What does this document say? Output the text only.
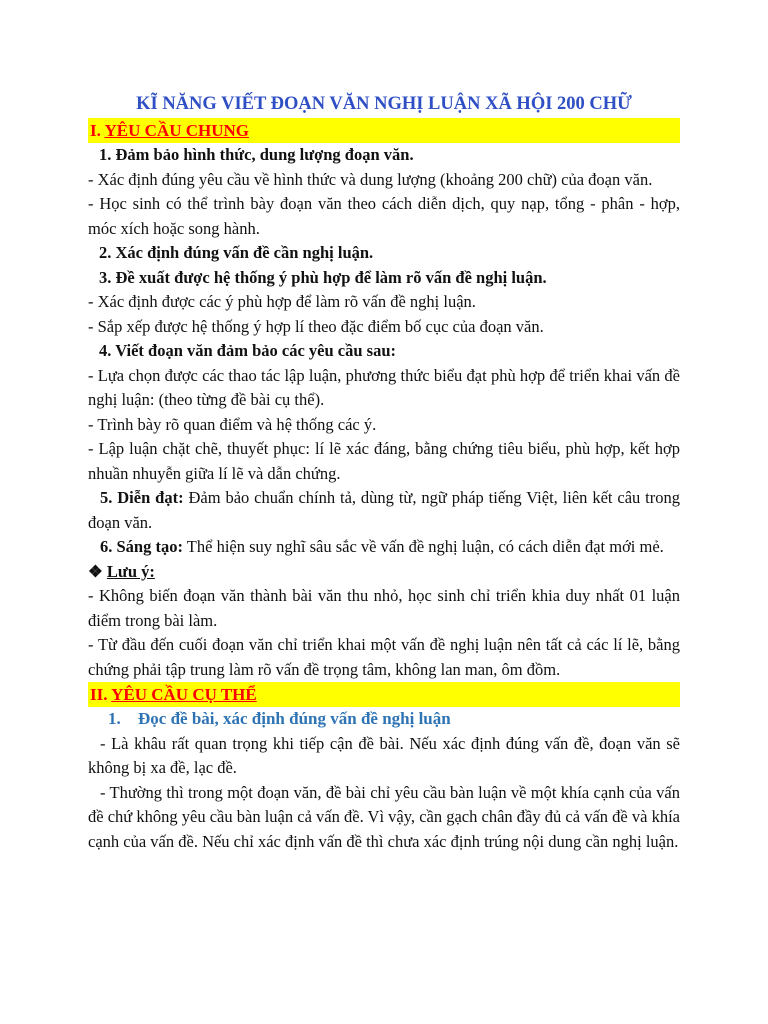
KĨ NĂNG VIẾT ĐOẠN VĂN NGHỊ LUẬN XÃ HỘI 200 CHỮ
I. YÊU CẦU CHUNG
1. Đảm bảo hình thức, dung lượng đoạn văn.
- Xác định đúng yêu cầu về hình thức và dung lượng (khoảng 200 chữ) của đoạn văn.
- Học sinh có thể trình bày đoạn văn theo cách diễn dịch, quy nạp, tổng - phân - hợp, móc xích hoặc song hành.
2. Xác định đúng vấn đề cần nghị luận.
3. Đề xuất được hệ thống ý phù hợp để làm rõ vấn đề nghị luận.
- Xác định được các ý phù hợp để làm rõ vấn đề nghị luận.
- Sắp xếp được hệ thống ý hợp lí theo đặc điểm bố cục của đoạn văn.
4. Viết đoạn văn đảm bảo các yêu cầu sau:
- Lựa chọn được các thao tác lập luận, phương thức biểu đạt phù hợp để triển khai vấn đề nghị luận: (theo từng đề bài cụ thể).
- Trình bày rõ quan điểm và hệ thống các ý.
- Lập luận chặt chẽ, thuyết phục: lí lẽ xác đáng, bằng chứng tiêu biểu, phù hợp, kết hợp nhuần nhuyễn giữa lí lẽ và dẫn chứng.
5. Diễn đạt: Đảm bảo chuẩn chính tả, dùng từ, ngữ pháp tiếng Việt, liên kết câu trong đoạn văn.
6. Sáng tạo: Thể hiện suy nghĩ sâu sắc về vấn đề nghị luận, có cách diễn đạt mới mẻ.
❖ Lưu ý:
- Không biến đoạn văn thành bài văn thu nhỏ, học sinh chỉ triển khia duy nhất 01 luận điểm trong bài làm.
- Từ đầu đến cuối đoạn văn chỉ triển khai một vấn đề nghị luận nên tất cả các lí lẽ, bằng chứng phải tập trung làm rõ vấn đề trọng tâm, không lan man, ôm đồm.
II. YÊU CẦU CỤ THỂ
1. Đọc đề bài, xác định đúng vấn đề nghị luận
- Là khâu rất quan trọng khi tiếp cận đề bài. Nếu xác định đúng vấn đề, đoạn văn sẽ không bị xa đề, lạc đề.
- Thường thì trong một đoạn văn, đề bài chỉ yêu cầu bàn luận về một khía cạnh của vấn đề chứ không yêu cầu bàn luận cả vấn đề. Vì vậy, cần gạch chân đầy đủ cả vấn đề và khía cạnh của vấn đề. Nếu chỉ xác định vấn đề thì chưa xác định trúng nội dung cần nghị luận.
